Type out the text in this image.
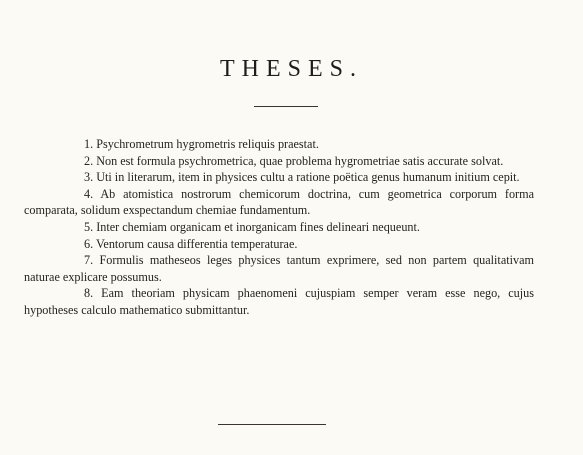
THESES.

1. Psychrometrum hygrometris reliquis praestat.

2. Non est formula psychrometrica, quae problema hygrometriae satis accurate solvat.

3. Uti in literarum, item in physices cultu a ratione poëtica genus humanum initium cepit.

4. Ab atomistica nostrorum chemicorum doctrina, cum geometrica corporum forma comparata, solidum exspectandum chemiae fundamentum.

5. Inter chemiam organicam et inorganicam fines delineari nequeunt.

6. Ventorum causa differentia temperaturae.

7. Formulis matheseos leges physices tantum exprimere, sed non partem qualitativam naturae explicare possumus.

8. Eam theoriam physicam phaenomeni cujuspiam semper veram esse nego, cujus hypotheses calculo mathematico submittantur.
